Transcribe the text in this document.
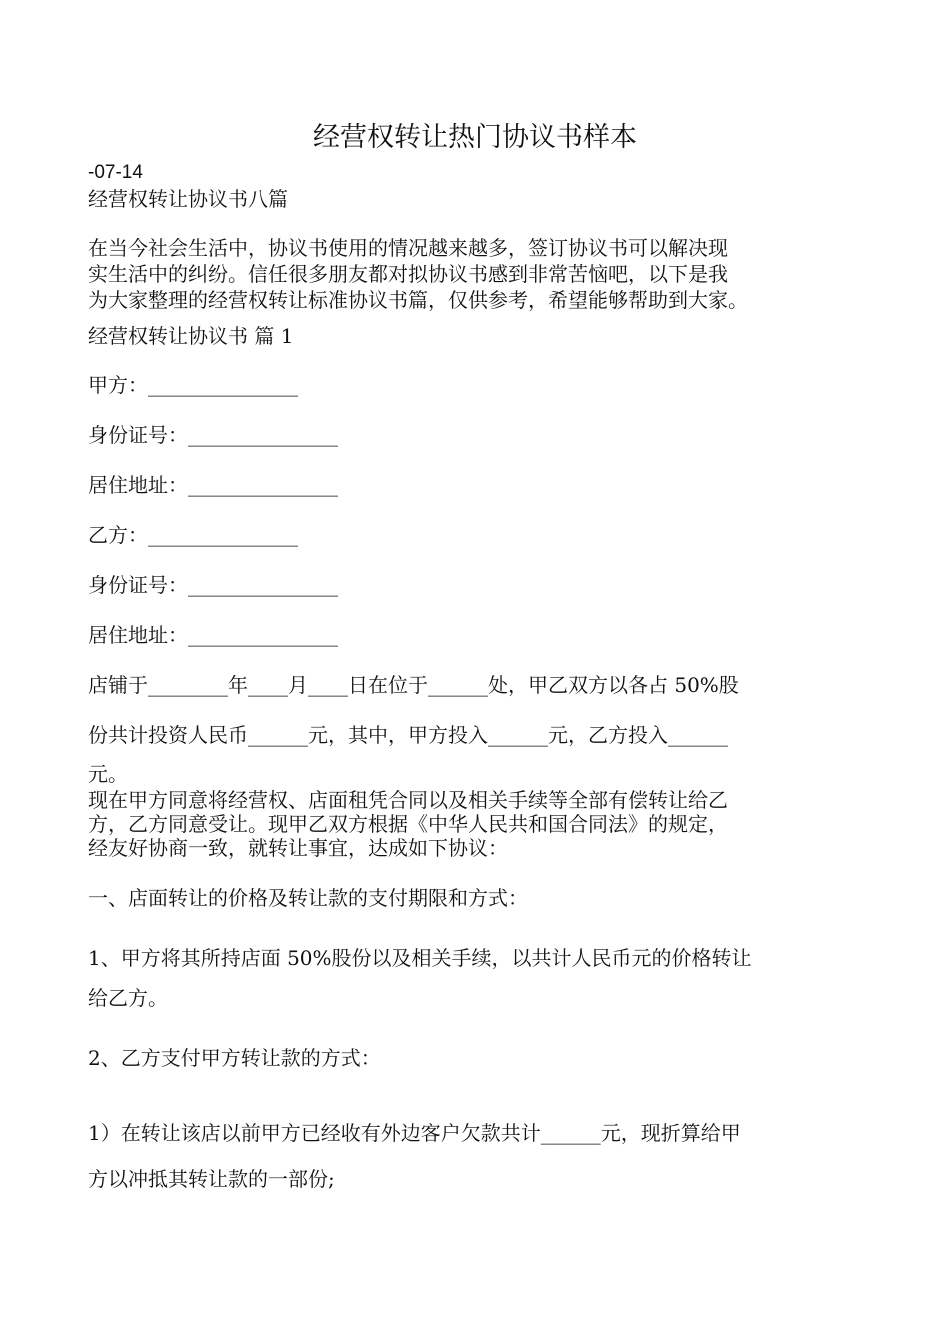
经营权转让热门协议书样本
-07-14
经营权转让协议书八篇
在当今社会生活中，协议书使用的情况越来越多，签订协议书可以解决现
实生活中的纠纷。信任很多朋友都对拟协议书感到非常苦恼吧，以下是我
为大家整理的经营权转让标准协议书篇，仅供参考，希望能够帮助到大家。
经营权转让协议书 篇 1
甲方：_______________
身份证号：_______________
居住地址：_______________
乙方：_______________
身份证号：_______________
居住地址：_______________
店铺于________年____月____日在位于______处，甲乙双方以各占 50%股
份共计投资人民币______元，其中，甲方投入______元，乙方投入______
元。
现在甲方同意将经营权、店面租凭合同以及相关手续等全部有偿转让给乙
方，乙方同意受让。现甲乙双方根据《中华人民共和国合同法》的规定，
经友好协商一致，就转让事宜，达成如下协议：
一、店面转让的价格及转让款的支付期限和方式：
1、甲方将其所持店面 50%股份以及相关手续，以共计人民币元的价格转让
给乙方。
2、乙方支付甲方转让款的方式：
1）在转让该店以前甲方已经收有外边客户欠款共计______元，现折算给甲
方以冲抵其转让款的一部份;
